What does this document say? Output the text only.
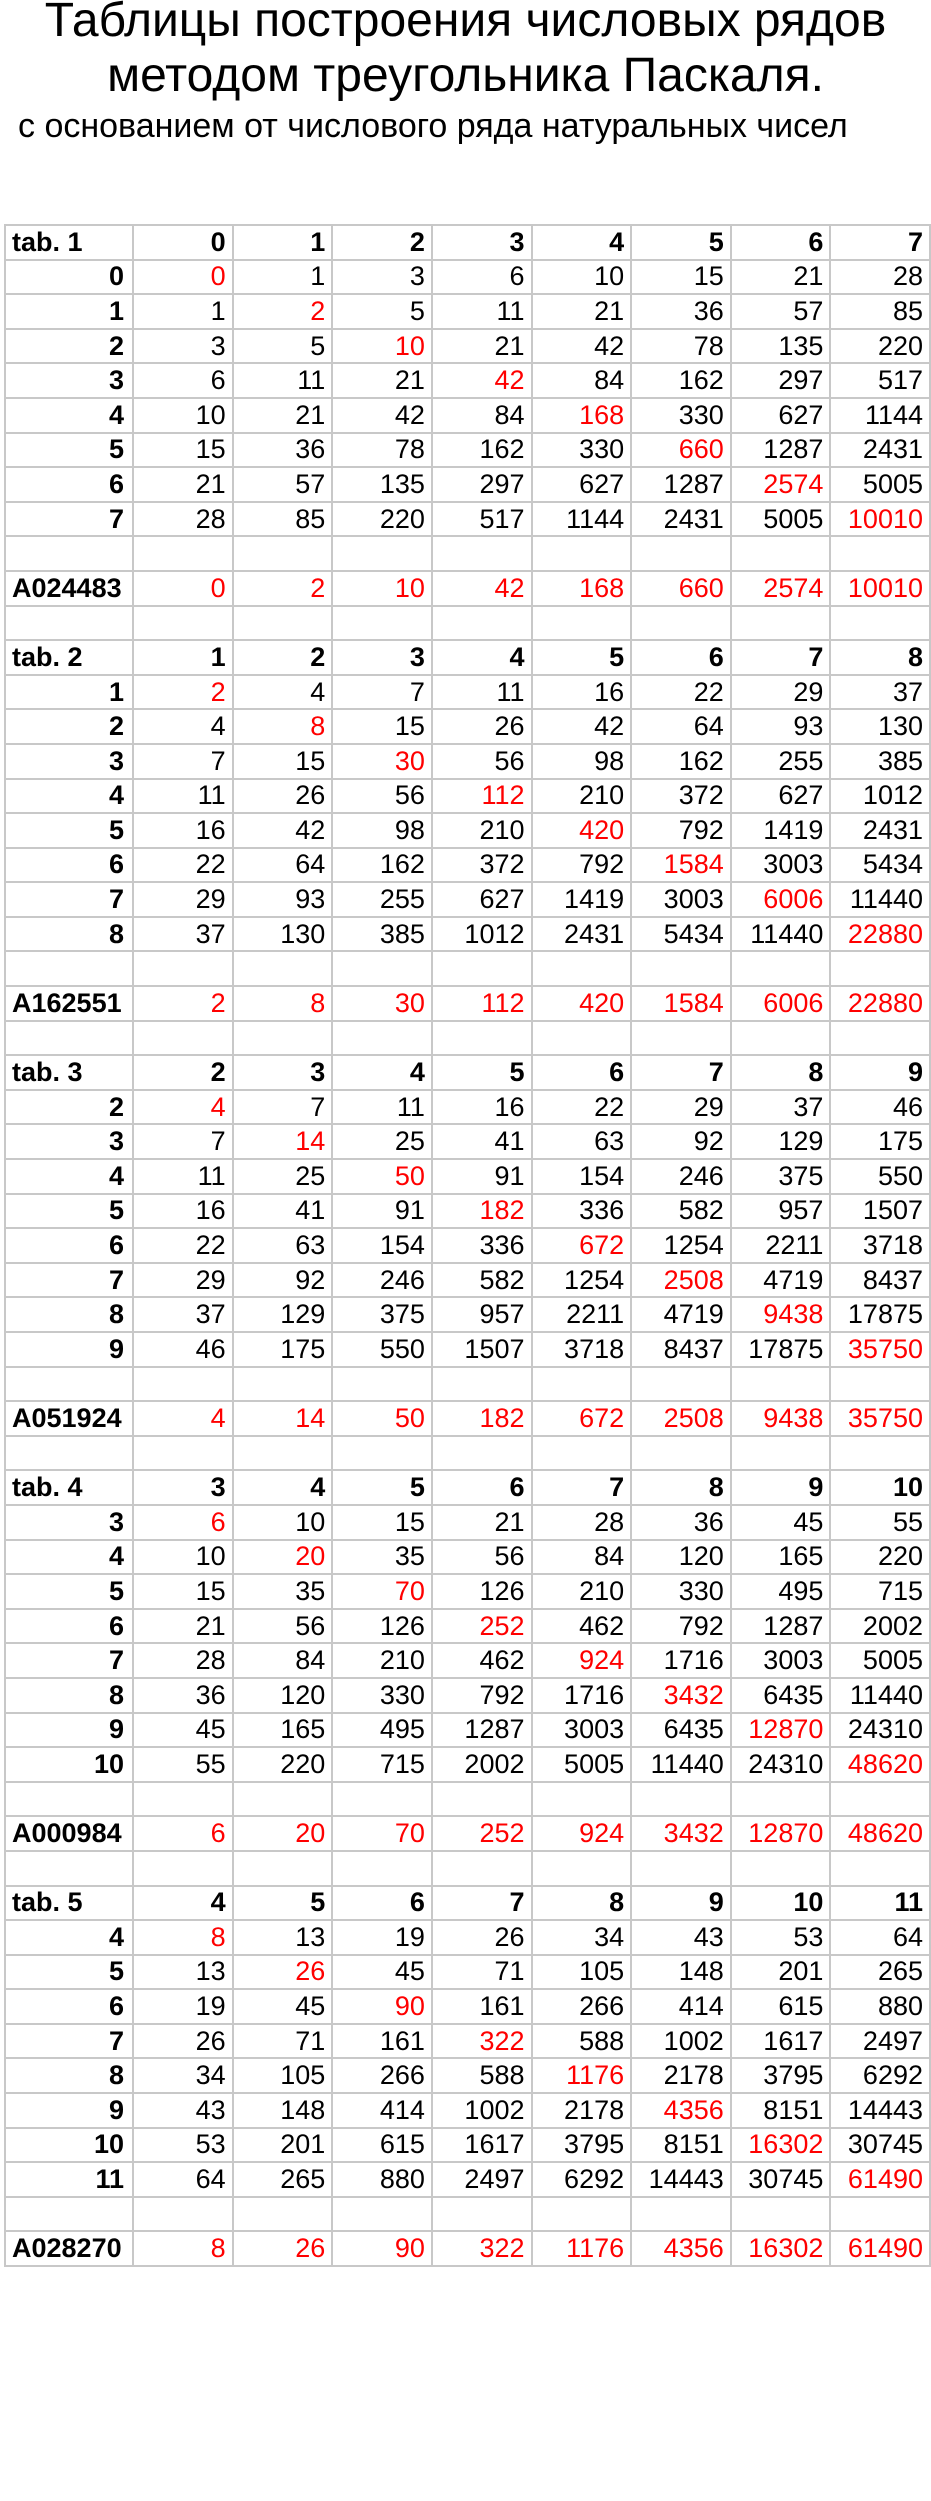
Таблицы построения числовых рядов
методом треугольника Паскаля.
с основанием от числового ряда натуральных чисел
tab. 1	0	1	2	3	4	5	6	7
0	0	1	3	6	10	15	21	28
1	1	2	5	11	21	36	57	85
2	3	5	10	21	42	78	135	220
3	6	11	21	42	84	162	297	517
4	10	21	42	84	168	330	627	1144
5	15	36	78	162	330	660	1287	2431
6	21	57	135	297	627	1287	2574	5005
7	28	85	220	517	1144	2431	5005	10010

A024483	0	2	10	42	168	660	2574	10010

tab. 2	1	2	3	4	5	6	7	8
1	2	4	7	11	16	22	29	37
2	4	8	15	26	42	64	93	130
3	7	15	30	56	98	162	255	385
4	11	26	56	112	210	372	627	1012
5	16	42	98	210	420	792	1419	2431
6	22	64	162	372	792	1584	3003	5434
7	29	93	255	627	1419	3003	6006	11440
8	37	130	385	1012	2431	5434	11440	22880

A162551	2	8	30	112	420	1584	6006	22880

tab. 3	2	3	4	5	6	7	8	9
2	4	7	11	16	22	29	37	46
3	7	14	25	41	63	92	129	175
4	11	25	50	91	154	246	375	550
5	16	41	91	182	336	582	957	1507
6	22	63	154	336	672	1254	2211	3718
7	29	92	246	582	1254	2508	4719	8437
8	37	129	375	957	2211	4719	9438	17875
9	46	175	550	1507	3718	8437	17875	35750

A051924	4	14	50	182	672	2508	9438	35750

tab. 4	3	4	5	6	7	8	9	10
3	6	10	15	21	28	36	45	55
4	10	20	35	56	84	120	165	220
5	15	35	70	126	210	330	495	715
6	21	56	126	252	462	792	1287	2002
7	28	84	210	462	924	1716	3003	5005
8	36	120	330	792	1716	3432	6435	11440
9	45	165	495	1287	3003	6435	12870	24310
10	55	220	715	2002	5005	11440	24310	48620

A000984	6	20	70	252	924	3432	12870	48620

tab. 5	4	5	6	7	8	9	10	11
4	8	13	19	26	34	43	53	64
5	13	26	45	71	105	148	201	265
6	19	45	90	161	266	414	615	880
7	26	71	161	322	588	1002	1617	2497
8	34	105	266	588	1176	2178	3795	6292
9	43	148	414	1002	2178	4356	8151	14443
10	53	201	615	1617	3795	8151	16302	30745
11	64	265	880	2497	6292	14443	30745	61490

A028270	8	26	90	322	1176	4356	16302	61490
